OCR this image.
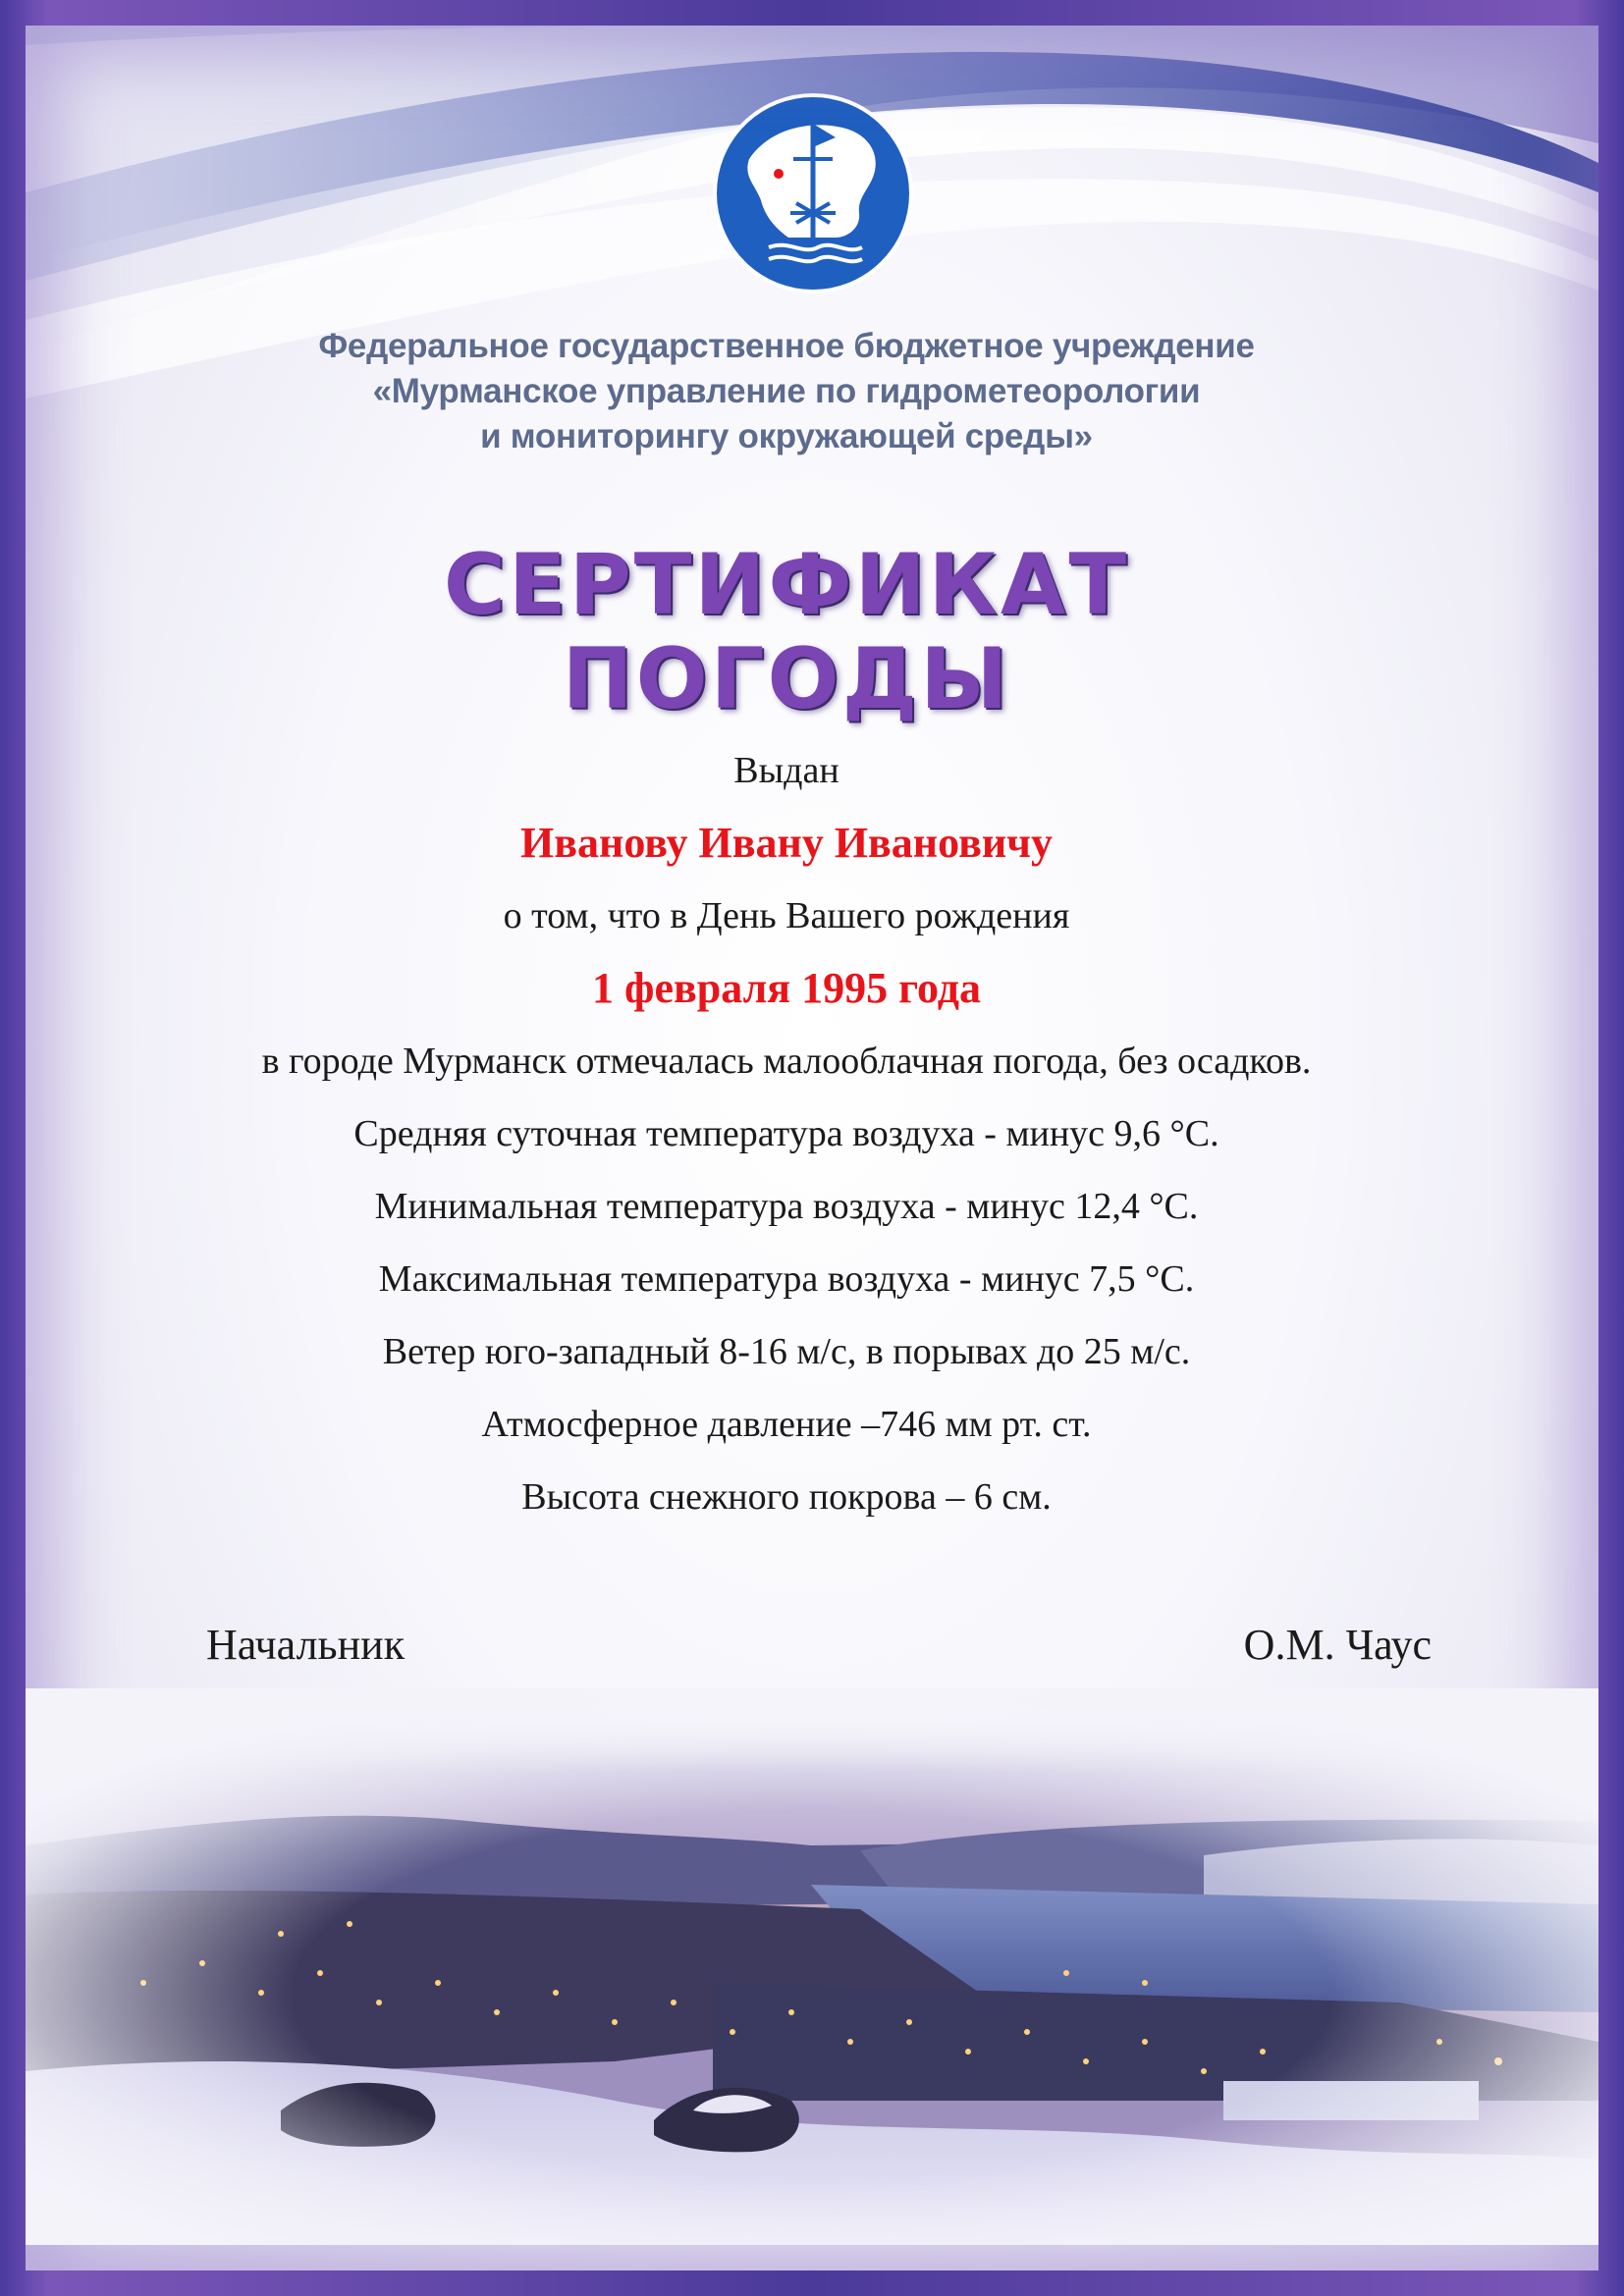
Федеральное государственное бюджетное учреждение
«Мурманское управление по гидрометеорологии
и мониторингу окружающей среды»
СЕРТИФИКАТ
ПОГОДЫ
Выдан
Иванову Ивану Ивановичу
о том, что в День Вашего рождения
1 февраля 1995 года
в городе Мурманск отмечалась малооблачная погода, без осадков.
Средняя суточная температура воздуха - минус 9,6 °С.
Минимальная температура воздуха - минус 12,4 °С.
Максимальная температура воздуха - минус 7,5 °С.
Ветер юго-западный 8-16 м/с, в порывах до 25 м/с.
Атмосферное давление –746 мм рт. ст.
Высота снежного покрова – 6 см.
Начальник	О.М. Чаус
